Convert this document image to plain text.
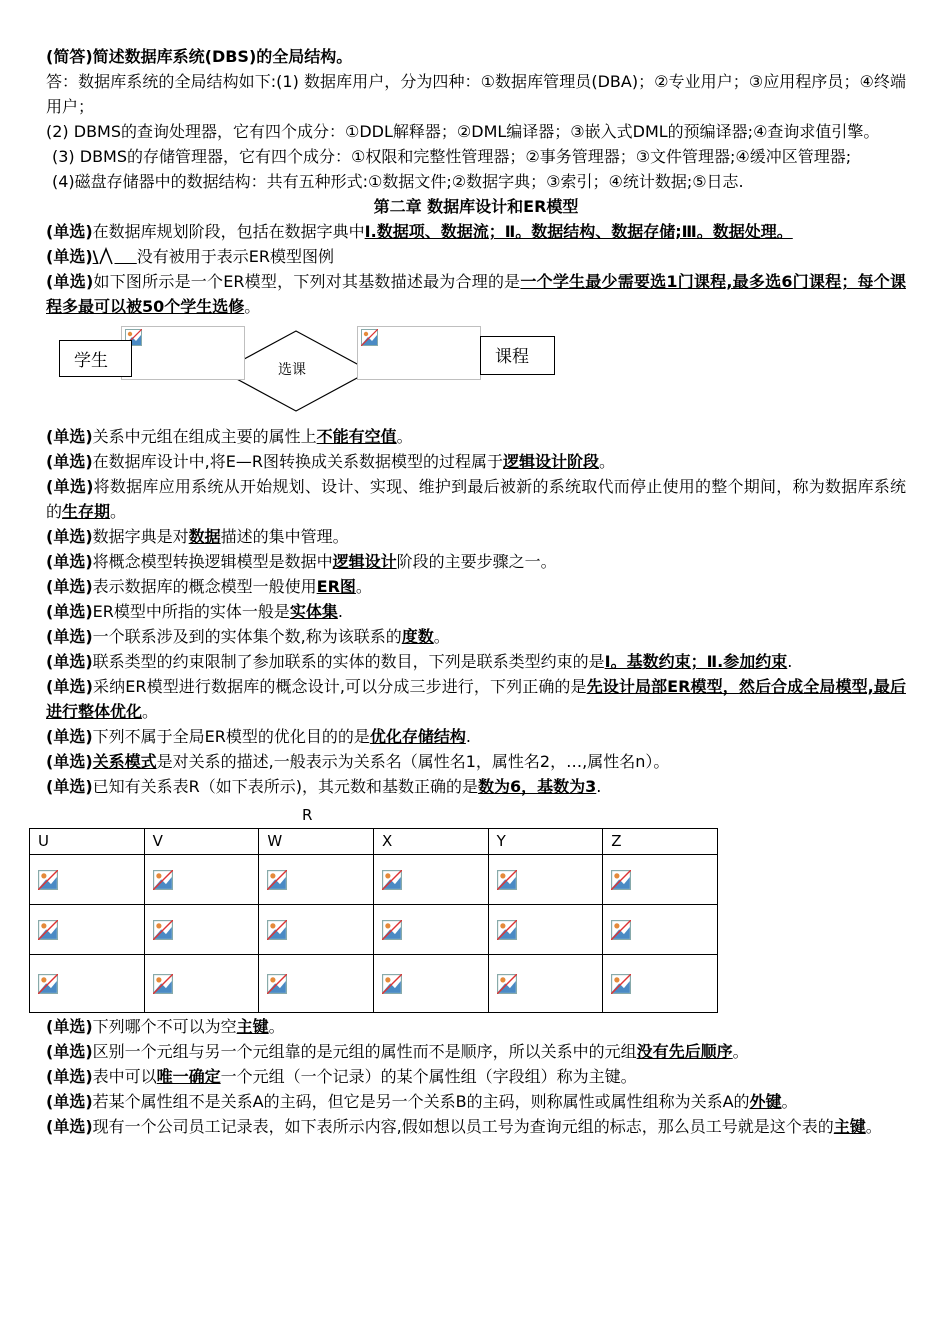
(简答)简述数据库系统(DBS)的全局结构。

答：数据库系统的全局结构如下:(1) 数据库用户，分为四种：①数据库管理员(DBA)；②专业用户；③应用程序员；④终端用户；

(2) DBMS的查询处理器，它有四个成分：①DDL解释器；②DML编译器；③嵌入式DML的预编译器;④查询求值引擎。

(3) DBMS的存储管理器，它有四个成分：①权限和完整性管理器；②事务管理器；③文件管理器;④缓冲区管理器;

(4)磁盘存储器中的数据结构：共有五种形式:①数据文件;②数据字典；③索引；④统计数据;⑤日志.

第二章 数据库设计和ER模型

(单选)在数据库规划阶段，包括在数据字典中Ⅰ.数据项、数据流；Ⅱ。数据结构、数据存储;Ⅲ。数据处理。

(单选)\ ​    没有被用于表示ER模型图例

(单选)如下图所示是一个ER模型，下列对其基数描述最为合理的是一个学生最少需要选1门课程,最多选6门课程；每个课程多最可以被50个学生选修。

学生	选课
课程

(单选)关系中元组在组成主要的属性上不能有空值。

(单选)在数据库设计中,将E—R图转换成关系数据模型的过程属于逻辑设计阶段。

(单选)将数据库应用系统从开始规划、设计、实现、维护到最后被新的系统取代而停止使用的整个期间，称为数据库系统的生存期。

(单选)数据字典是对数据描述的集中管理。

(单选)将概念模型转换逻辑模型是数据中逻辑设计阶段的主要步骤之一。

(单选)表示数据库的概念模型一般使用ER图。

(单选)ER模型中所指的实体一般是实体集.

(单选)一个联系涉及到的实体集个数,称为该联系的度数。

(单选)联系类型的约束限制了参加联系的实体的数目，下列是联系类型约束的是Ⅰ。基数约束；Ⅱ.参加约束.

(单选)采纳ER模型进行数据库的概念设计,可以分成三步进行，下列正确的是先设计局部ER模型，然后合成全局模型,最后进行整体优化。

(单选)下列不属于全局ER模型的优化目的的是优化存储结构.

(单选)关系模式是对关系的描述,一般表示为关系名（属性名1，属性名2，…,属性名n）。

(单选)已知有关系表R（如下表所示)，其元数和基数正确的是数为6，基数为3.

R
U	V	W	X	Y	Z

(单选)下列哪个不可以为空主键。

(单选)区别一个元组与另一个元组靠的是元组的属性而不是顺序，所以关系中的元组没有先后顺序。

(单选)表中可以唯一确定一个元组（一个记录）的某个属性组（字段组）称为主键。

(单选)若某个属性组不是关系A的主码，但它是另一个关系B的主码，则称属性或属性组称为关系A的外键。

(单选)现有一个公司员工记录表，如下表所示内容,假如想以员工号为查询元组的标志，那么员工号就是这个表的主键。
